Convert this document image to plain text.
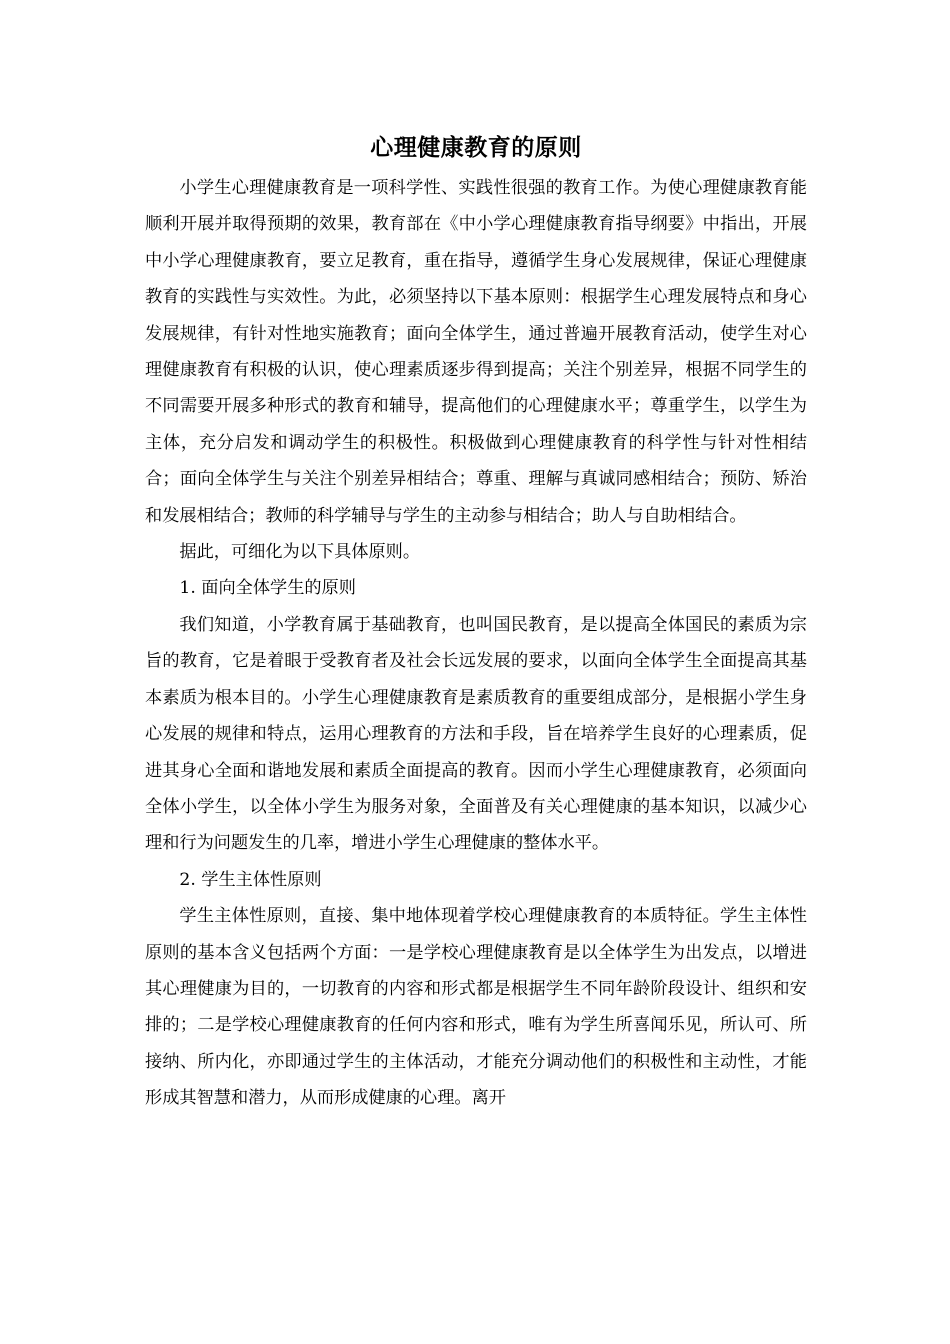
心理健康教育的原则

小学生心理健康教育是一项科学性、实践性很强的教育工作。为使心理健康教育能顺利开展并取得预期的效果，教育部在《中小学心理健康教育指导纲要》中指出，开展中小学心理健康教育，要立足教育，重在指导，遵循学生身心发展规律，保证心理健康教育的实践性与实效性。为此，必须坚持以下基本原则：根据学生心理发展特点和身心发展规律，有针对性地实施教育；面向全体学生，通过普遍开展教育活动，使学生对心理健康教育有积极的认识，使心理素质逐步得到提高；关注个别差异，根据不同学生的不同需要开展多种形式的教育和辅导，提高他们的心理健康水平；尊重学生，以学生为主体，充分启发和调动学生的积极性。积极做到心理健康教育的科学性与针对性相结合；面向全体学生与关注个别差异相结合；尊重、理解与真诚同感相结合；预防、矫治和发展相结合；教师的科学辅导与学生的主动参与相结合；助人与自助相结合。

据此，可细化为以下具体原则。

1. 面向全体学生的原则

我们知道，小学教育属于基础教育，也叫国民教育，是以提高全体国民的素质为宗旨的教育，它是着眼于受教育者及社会长远发展的要求，以面向全体学生全面提高其基本素质为根本目的。小学生心理健康教育是素质教育的重要组成部分，是根据小学生身心发展的规律和特点，运用心理教育的方法和手段，旨在培养学生良好的心理素质，促进其身心全面和谐地发展和素质全面提高的教育。因而小学生心理健康教育，必须面向全体小学生，以全体小学生为服务对象，全面普及有关心理健康的基本知识，以减少心理和行为问题发生的几率，增进小学生心理健康的整体水平。

2. 学生主体性原则

学生主体性原则，直接、集中地体现着学校心理健康教育的本质特征。学生主体性原则的基本含义包括两个方面：一是学校心理健康教育是以全体学生为出发点，以增进其心理健康为目的，一切教育的内容和形式都是根据学生不同年龄阶段设计、组织和安排的；二是学校心理健康教育的任何内容和形式，唯有为学生所喜闻乐见，所认可、所接纳、所内化，亦即通过学生的主体活动，才能充分调动他们的积极性和主动性，才能形成其智慧和潜力，从而形成健康的心理。离开
